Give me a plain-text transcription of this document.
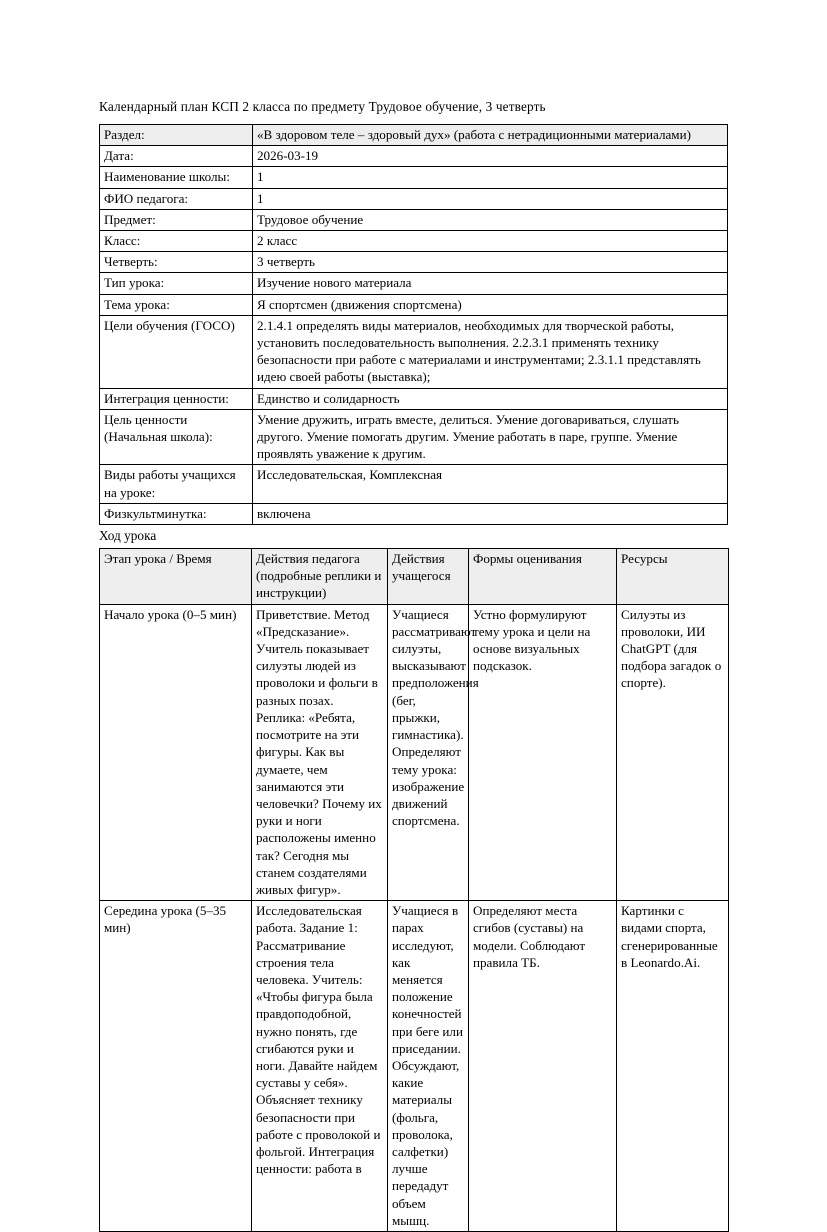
Календарный план КСП 2 класса по предмету Трудовое обучение, 3 четверть
Раздел:	«В здоровом теле – здоровый дух» (работа с нетрадиционными материалами)
Дата:	2026-03-19
Наименование школы:	1
ФИО педагога:	1
Предмет:	Трудовое обучение
Класс:	2 класс
Четверть:	3 четверть
Тип урока:	Изучение нового материала
Тема урока:	Я спортсмен (движения спортсмена)
Цели обучения (ГОСО)	2.1.4.1 определять виды материалов, необходимых для творческой работы, установить последовательность выполнения. 2.2.3.1 применять технику безопасности при работе с материалами и инструментами; 2.3.1.1 представлять идею своей работы (выставка);
Интеграция ценности:	Единство и солидарность
Цель ценности (Начальная школа):	Умение дружить, играть вместе, делиться. Умение договариваться, слушать другого. Умение помогать другим. Умение работать в паре, группе. Умение проявлять уважение к другим.
Виды работы учащихся на уроке:	Исследовательская, Комплексная
Физкультминутка:	включена
Ход урока
Этап урока / Время	Действия педагога (подробные реплики и инструкции)	Действия учащегося	Формы оценивания	Ресурсы
Начало урока (0–5 мин)	Приветствие. Метод «Предсказание». Учитель показывает силуэты людей из проволоки и фольги в разных позах. Реплика: «Ребята, посмотрите на эти фигуры. Как вы думаете, чем занимаются эти человечки? Почему их руки и ноги расположены именно так? Сегодня мы станем создателями живых фигур».	Учащиеся рассматривают силуэты, высказывают предположения (бег, прыжки, гимнастика). Определяют тему урока: изображение движений спортсмена.	Устно формулируют тему урока и цели на основе визуальных подсказок.	Силуэты из проволоки, ИИ ChatGPT (для подбора загадок о спорте).
Середина урока (5–35 мин)	Исследовательская работа. Задание 1: Рассматривание строения тела человека. Учитель: «Чтобы фигура была правдоподобной, нужно понять, где сгибаются руки и ноги. Давайте найдем суставы у себя». Объясняет технику безопасности при работе с проволокой и фольгой. Интеграция ценности: работа в	Учащиеся в парах исследуют, как меняется положение конечностей при беге или приседании. Обсуждают, какие материалы (фольга, проволока, салфетки) лучше передадут объем мышц.	Определяют места сгибов (суставы) на модели. Соблюдают правила ТБ.	Картинки с видами спорта, сгенерированные в Leonardo.Ai.
